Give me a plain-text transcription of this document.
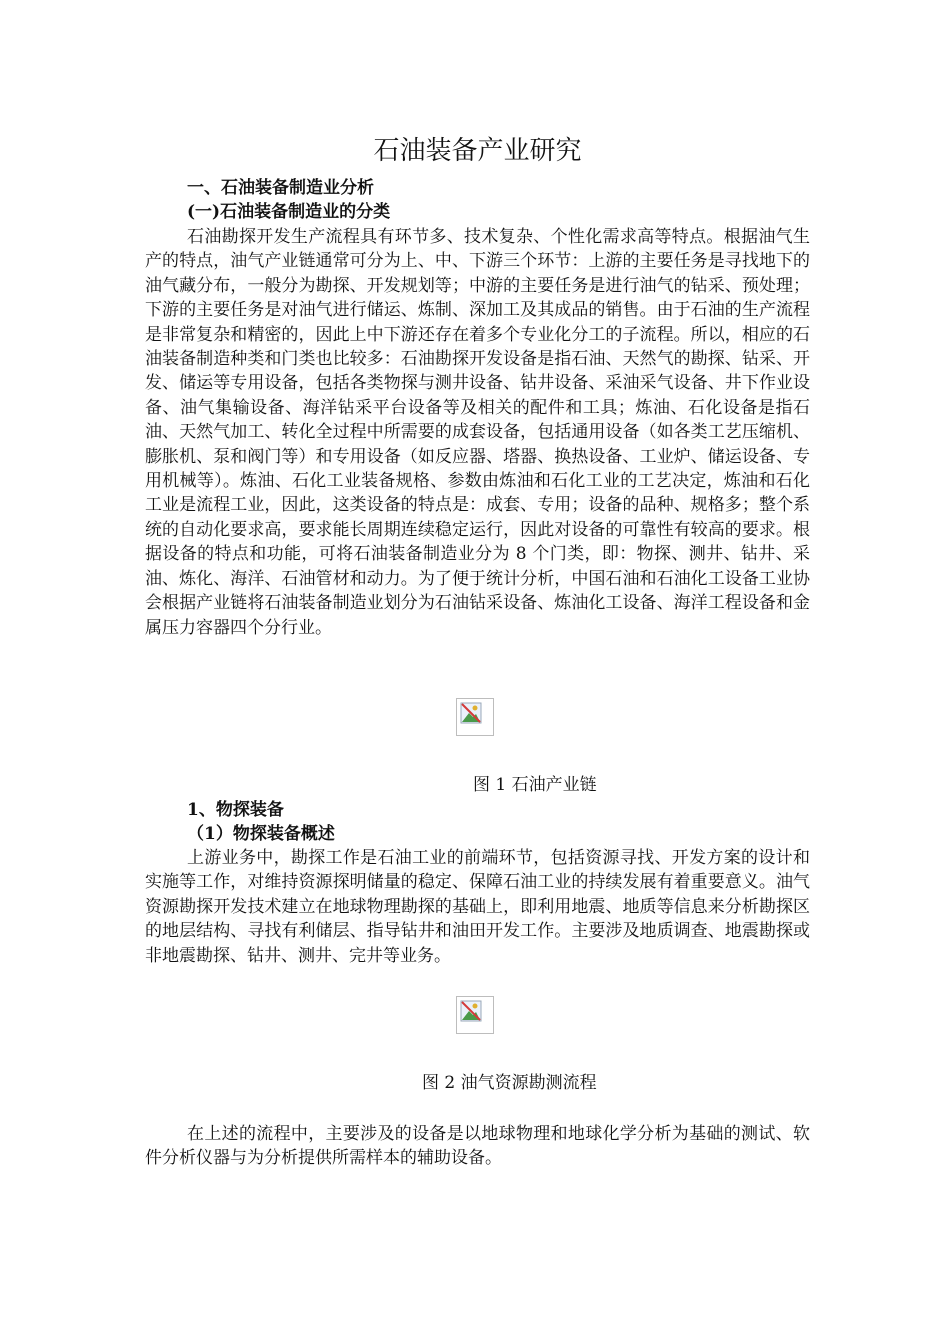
石油装备产业研究
一、石油装备制造业分析
(一)石油装备制造业的分类

石油勘探开发生产流程具有环节多、技术复杂、个性化需求高等特点。根据油气生产的特点，油气产业链通常可分为上、中、下游三个环节：上游的主要任务是寻找地下的油气藏分布，一般分为勘探、开发规划等；中游的主要任务是进行油气的钻采、预处理；下游的主要任务是对油气进行储运、炼制、深加工及其成品的销售。由于石油的生产流程是非常复杂和精密的，因此上中下游还存在着多个专业化分工的子流程。所以，相应的石油装备制造种类和门类也比较多：石油勘探开发设备是指石油、天然气的勘探、钻采、开发、储运等专用设备，包括各类物探与测井设备、钻井设备、采油采气设备、井下作业设备、油气集输设备、海洋钻采平台设备等及相关的配件和工具；炼油、石化设备是指石油、天然气加工、转化全过程中所需要的成套设备，包括通用设备（如各类工艺压缩机、膨胀机、泵和阀门等）和专用设备（如反应器、塔器、换热设备、工业炉、储运设备、专用机械等）。炼油、石化工业装备规格、参数由炼油和石化工业的工艺决定，炼油和石化工业是流程工业，因此，这类设备的特点是：成套、专用；设备的品种、规格多；整个系统的自动化要求高，要求能长周期连续稳定运行，因此对设备的可靠性有较高的要求。根据设备的特点和功能，可将石油装备制造业分为 8 个门类，即：物探、测井、钻井、采油、炼化、海洋、石油管材和动力。为了便于统计分析，中国石油和石油化工设备工业协会根据产业链将石油装备制造业划分为石油钻采设备、炼油化工设备、海洋工程设备和金属压力容器四个分行业。

图 1 石油产业链

1、物探装备
（1）物探装备概述

上游业务中，勘探工作是石油工业的前端环节，包括资源寻找、开发方案的设计和实施等工作，对维持资源探明储量的稳定、保障石油工业的持续发展有着重要意义。油气资源勘探开发技术建立在地球物理勘探的基础上，即利用地震、地质等信息来分析勘探区的地层结构、寻找有利储层、指导钻井和油田开发工作。主要涉及地质调查、地震勘探或非地震勘探、钻井、测井、完井等业务。

图 2 油气资源勘测流程

在上述的流程中，主要涉及的设备是以地球物理和地球化学分析为基础的测试、软件分析仪器与为分析提供所需样本的辅助设备。
